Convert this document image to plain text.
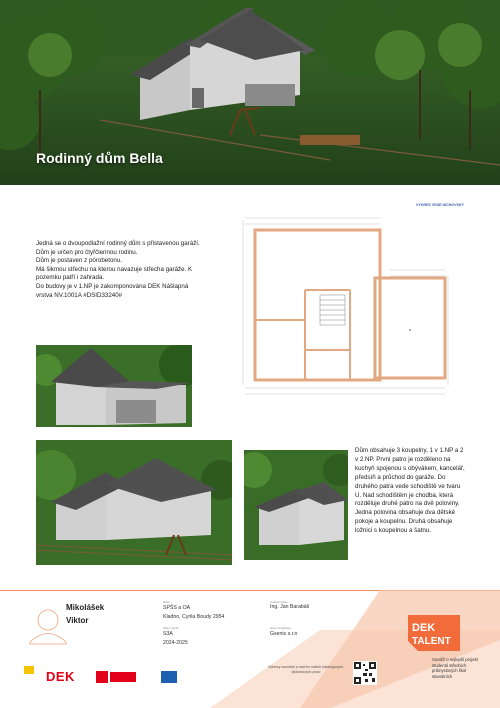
Rodinný dům Bella

Jedná se o dvoupodlažní rodinný dům s přistavenou garáží. Dům je určen pro čtyřčlennou rodinu.

Dům je postaven z pórobetonu.

Má šikmou střechu na kterou navazuje střecha garáže. K pozemku patří i zahrada.

Do budovy je v 1.NP je zakomponována DEK Nášlapná vrstva NV.1001A #DSID33240#

VÝKRES VEDE NÍCHOVSKÝ
Dům obsahuje 3 koupelny, 1 v 1.NP a 2 v 2.NP. První patro je rozděleno na kuchyň spojenou s obývákem, kancelář, předsíň a průchod do garáže. Do druhého patra vede schodiště ve tvaru U. Nad schodištěm je chodba, která rozděluje druhé patro na dvě poloviny. Jedna polovina obsahuje dva dětské pokoje a koupelnu. Druhá obsahuje ložnici s koupelnou a šatnu.
Mikolášek
Viktor
škola
SPŠS a OA
Kladno, Cyrila Boudy 2954
třída / ročník
S3A
2024-2025
vedoucí práce
Ing. Jan Barabáš
autor vizualizace
Gsenis s.r.o
Výkresy součástí a návrhu našich katalogových, diplomových prací
DEK
TALENT
Soutěž o nejlepší projekt studentů středních průmyslových škol stavebních
DEK
